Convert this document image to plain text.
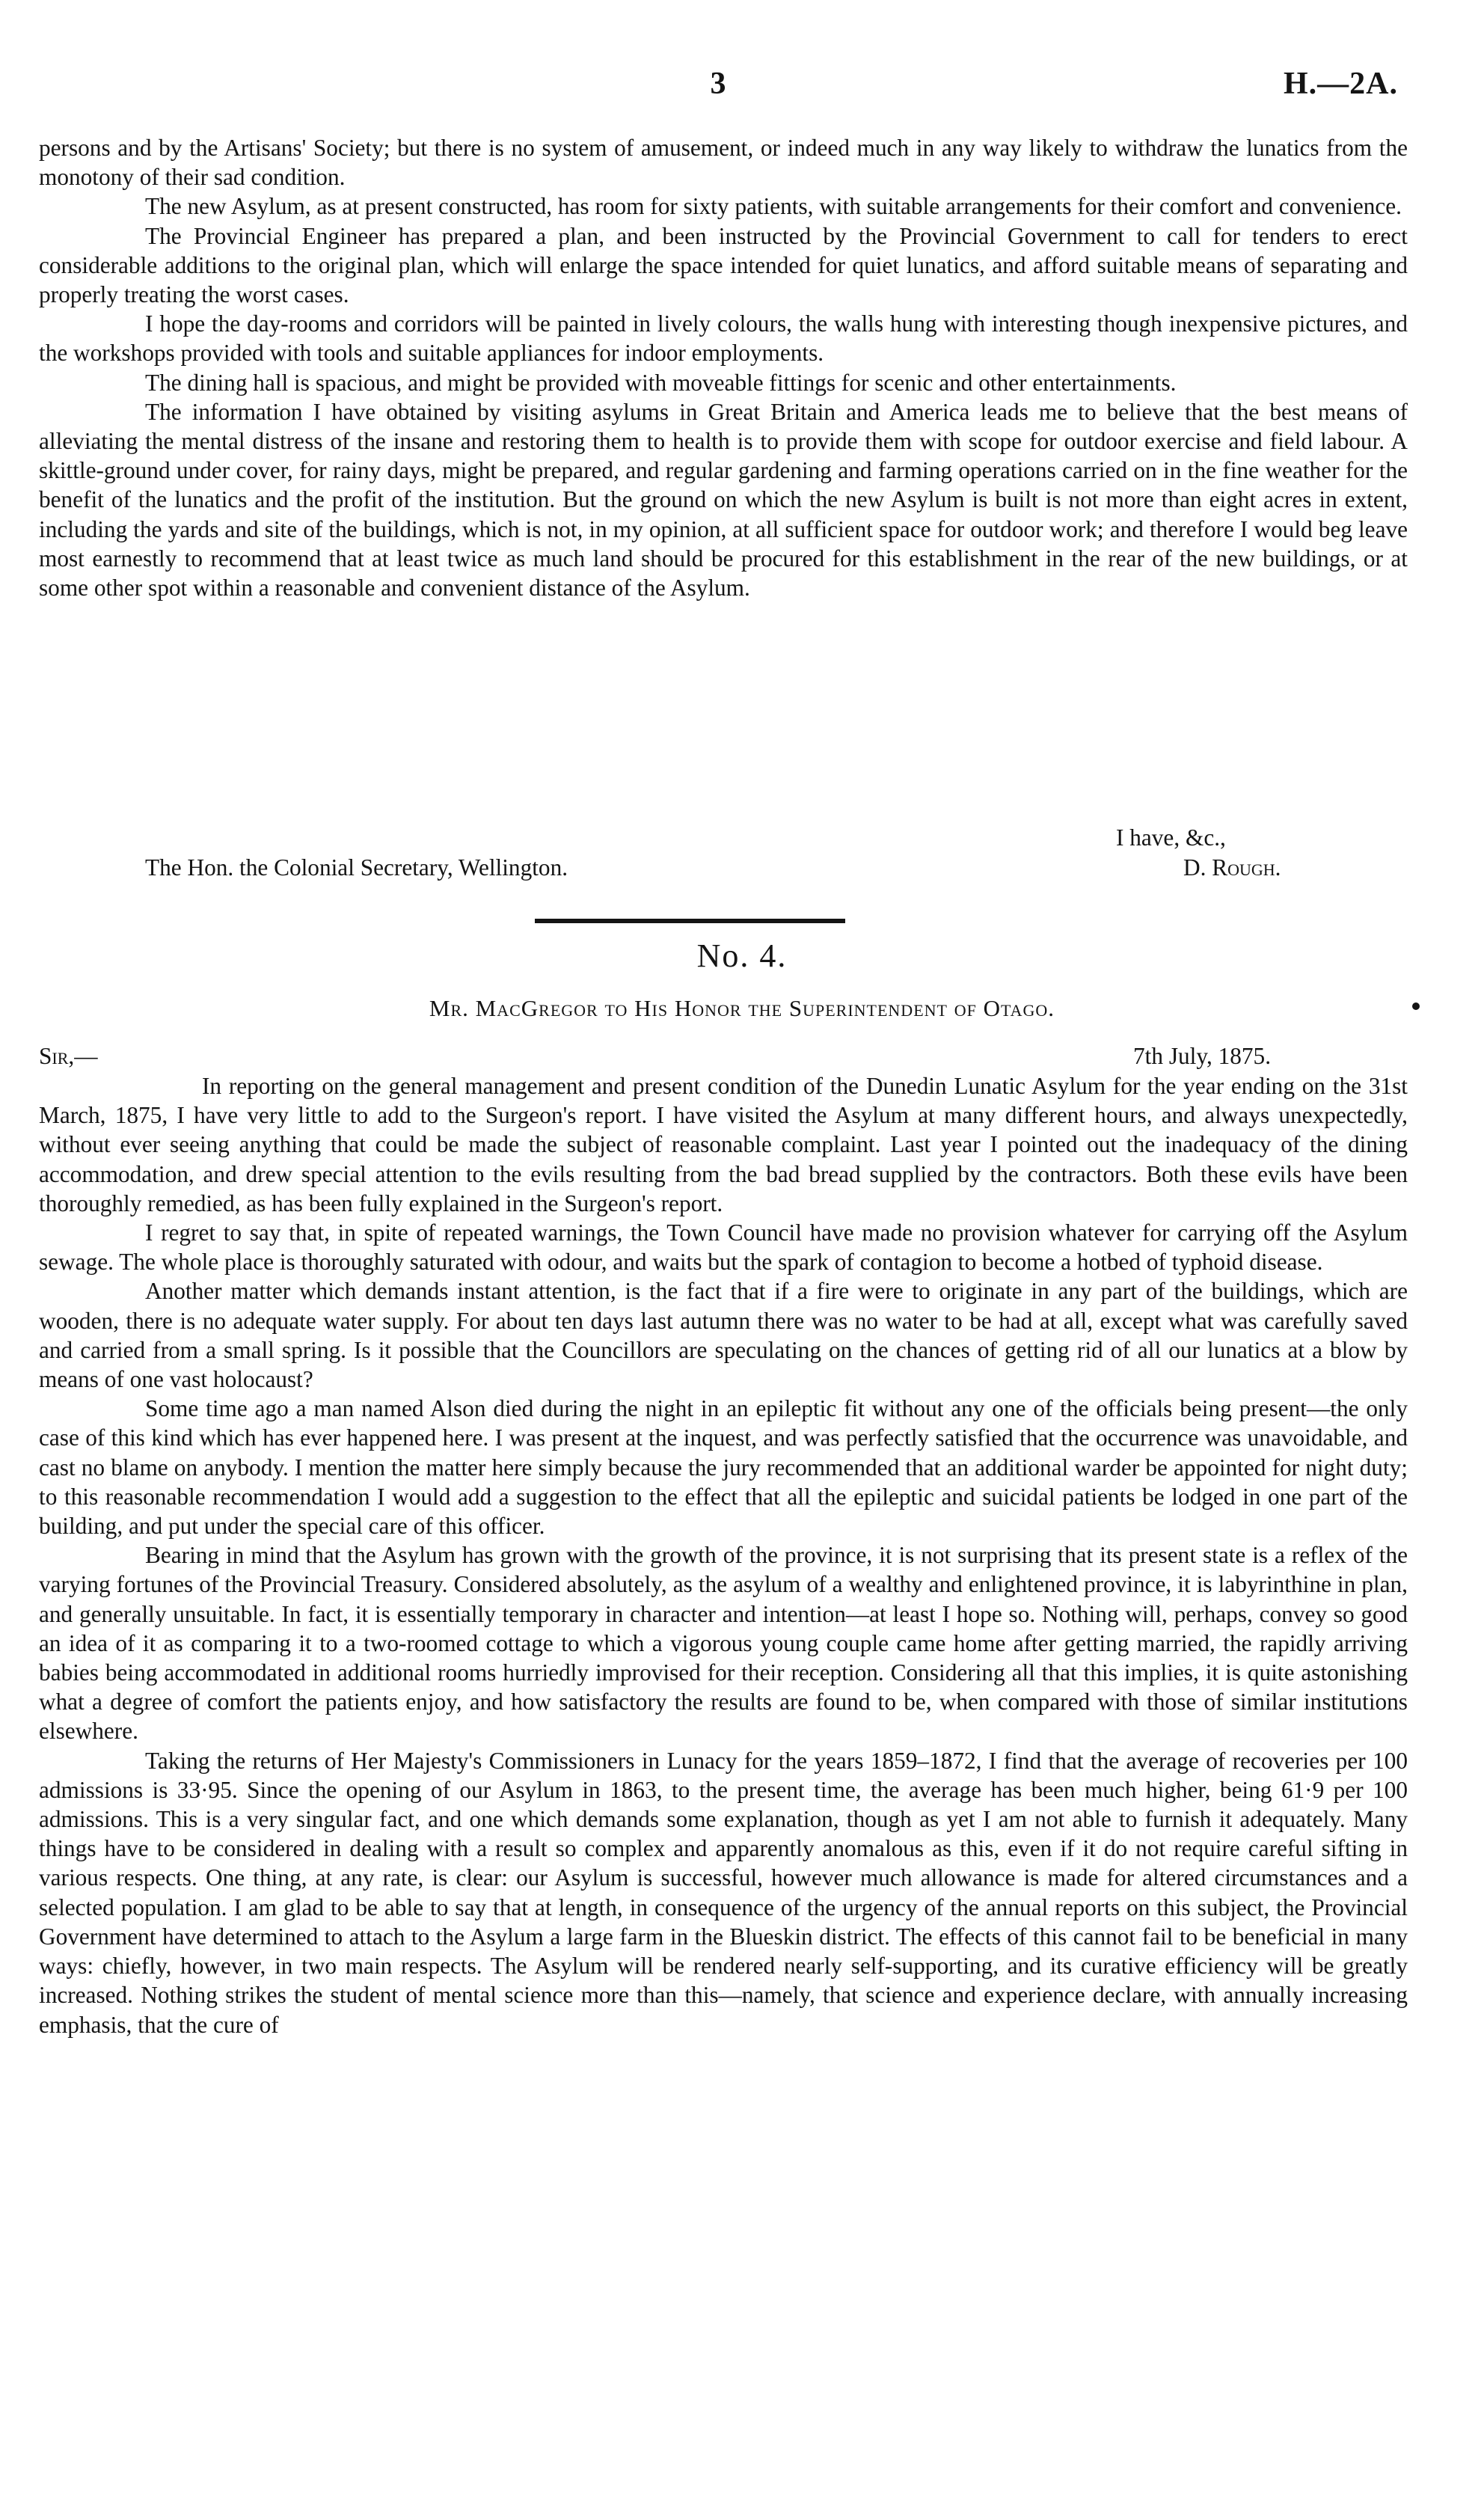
3	H.—2A.

persons and by the Artisans' Society; but there is no system of amusement, or indeed much in any way likely to withdraw the lunatics from the monotony of their sad condition.

The new Asylum, as at present constructed, has room for sixty patients, with suitable arrangements for their comfort and convenience.

The Provincial Engineer has prepared a plan, and been instructed by the Provincial Government to call for tenders to erect considerable additions to the original plan, which will enlarge the space intended for quiet lunatics, and afford suitable means of separating and properly treating the worst cases.

I hope the day-rooms and corridors will be painted in lively colours, the walls hung with interesting though inexpensive pictures, and the workshops provided with tools and suitable appliances for indoor employments.

The dining hall is spacious, and might be provided with moveable fittings for scenic and other entertainments.

The information I have obtained by visiting asylums in Great Britain and America leads me to believe that the best means of alleviating the mental distress of the insane and restoring them to health is to provide them with scope for outdoor exercise and field labour. A skittle-ground under cover, for rainy days, might be prepared, and regular gardening and farming operations carried on in the fine weather for the benefit of the lunatics and the profit of the institution. But the ground on which the new Asylum is built is not more than eight acres in extent, including the yards and site of the buildings, which is not, in my opinion, at all sufficient space for outdoor work; and therefore I would beg leave most earnestly to recommend that at least twice as much land should be procured for this establishment in the rear of the new buildings, or at some other spot within a reasonable and convenient distance of the Asylum.

I have, &c.,
The Hon. the Colonial Secretary, Wellington.	D. Rough.
No. 4.
Mr. MacGregor to His Honor the Superintendent of Otago.
Sir,—	7th July, 1875.

In reporting on the general management and present condition of the Dunedin Lunatic Asylum for the year ending on the 31st March, 1875, I have very little to add to the Surgeon's report. I have visited the Asylum at many different hours, and always unexpectedly, without ever seeing anything that could be made the subject of reasonable complaint. Last year I pointed out the inadequacy of the dining accommodation, and drew special attention to the evils resulting from the bad bread supplied by the contractors. Both these evils have been thoroughly remedied, as has been fully explained in the Surgeon's report.

I regret to say that, in spite of repeated warnings, the Town Council have made no provision whatever for carrying off the Asylum sewage. The whole place is thoroughly saturated with odour, and waits but the spark of contagion to become a hotbed of typhoid disease.

Another matter which demands instant attention, is the fact that if a fire were to originate in any part of the buildings, which are wooden, there is no adequate water supply. For about ten days last autumn there was no water to be had at all, except what was carefully saved and carried from a small spring. Is it possible that the Councillors are speculating on the chances of getting rid of all our lunatics at a blow by means of one vast holocaust?

Some time ago a man named Alson died during the night in an epileptic fit without any one of the officials being present—the only case of this kind which has ever happened here. I was present at the inquest, and was perfectly satisfied that the occurrence was unavoidable, and cast no blame on anybody. I mention the matter here simply because the jury recommended that an additional warder be appointed for night duty; to this reasonable recommendation I would add a suggestion to the effect that all the epileptic and suicidal patients be lodged in one part of the building, and put under the special care of this officer.

Bearing in mind that the Asylum has grown with the growth of the province, it is not surprising that its present state is a reflex of the varying fortunes of the Provincial Treasury. Considered absolutely, as the asylum of a wealthy and enlightened province, it is labyrinthine in plan, and generally unsuitable. In fact, it is essentially temporary in character and intention—at least I hope so. Nothing will, perhaps, convey so good an idea of it as comparing it to a two-roomed cottage to which a vigorous young couple came home after getting married, the rapidly arriving babies being accommodated in additional rooms hurriedly improvised for their reception. Considering all that this implies, it is quite astonishing what a degree of comfort the patients enjoy, and how satisfactory the results are found to be, when compared with those of similar institutions elsewhere.

Taking the returns of Her Majesty's Commissioners in Lunacy for the years 1859–1872, I find that the average of recoveries per 100 admissions is 33·95. Since the opening of our Asylum in 1863, to the present time, the average has been much higher, being 61·9 per 100 admissions. This is a very singular fact, and one which demands some explanation, though as yet I am not able to furnish it adequately. Many things have to be considered in dealing with a result so complex and apparently anomalous as this, even if it do not require careful sifting in various respects. One thing, at any rate, is clear: our Asylum is successful, however much allowance is made for altered circumstances and a selected population. I am glad to be able to say that at length, in consequence of the urgency of the annual reports on this subject, the Provincial Government have determined to attach to the Asylum a large farm in the Blueskin district. The effects of this cannot fail to be beneficial in many ways: chiefly, however, in two main respects. The Asylum will be rendered nearly self-supporting, and its curative efficiency will be greatly increased. Nothing strikes the student of mental science more than this—namely, that science and experience declare, with annually increasing emphasis, that the cure of
